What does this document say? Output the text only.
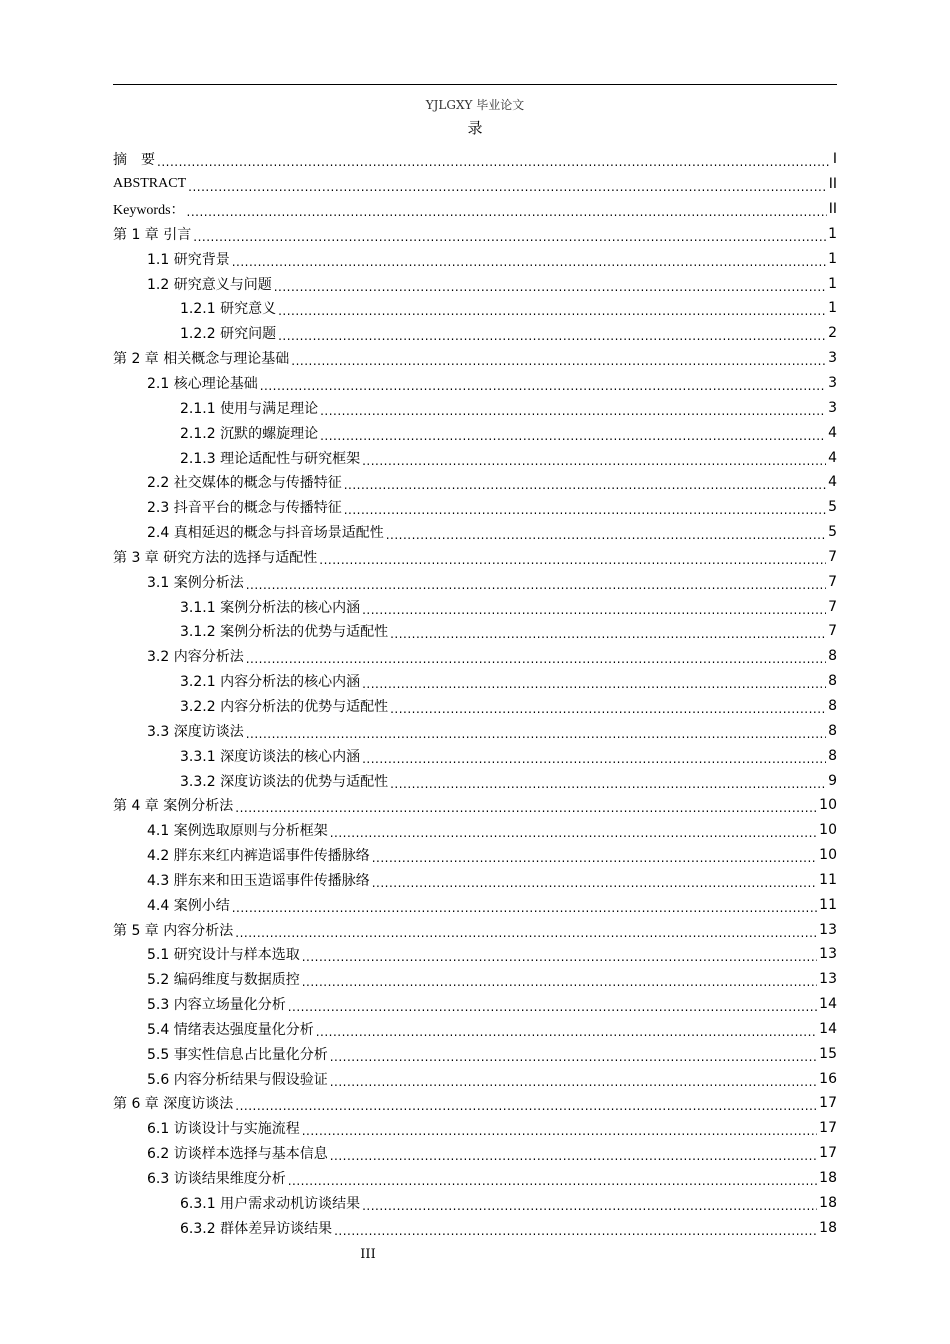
YJLGXY 毕业论文
录
摘　要 .....	I
ABSTRACT .....	II
Keywords： .....	II
第 1 章 引言 .....	1
1.1 研究背景 .....	1
1.2 研究意义与问题 .....	1
1.2.1 研究意义 .....	1
1.2.2 研究问题 .....	2
第 2 章 相关概念与理论基础 .....	3
2.1 核心理论基础 .....	3
2.1.1 使用与满足理论 .....	3
2.1.2 沉默的螺旋理论 .....	4
2.1.3 理论适配性与研究框架 .....	4
2.2 社交媒体的概念与传播特征 .....	4
2.3 抖音平台的概念与传播特征 .....	5
2.4 真相延迟的概念与抖音场景适配性 .....	5
第 3 章 研究方法的选择与适配性 .....	7
3.1 案例分析法 .....	7
3.1.1 案例分析法的核心内涵 .....	7
3.1.2 案例分析法的优势与适配性 .....	7
3.2 内容分析法 .....	8
3.2.1 内容分析法的核心内涵 .....	8
3.2.2 内容分析法的优势与适配性 .....	8
3.3 深度访谈法 .....	8
3.3.1 深度访谈法的核心内涵 .....	8
3.3.2 深度访谈法的优势与适配性 .....	9
第 4 章 案例分析法 .....	10
4.1 案例选取原则与分析框架 .....	10
4.2 胖东来红内裤造谣事件传播脉络 .....	10
4.3 胖东来和田玉造谣事件传播脉络 .....	11
4.4 案例小结 .....	11
第 5 章 内容分析法 .....	13
5.1 研究设计与样本选取 .....	13
5.2 编码维度与数据质控 .....	13
5.3 内容立场量化分析 .....	14
5.4 情绪表达强度量化分析 .....	14
5.5 事实性信息占比量化分析 .....	15
5.6 内容分析结果与假设验证 .....	16
第 6 章 深度访谈法 .....	17
6.1 访谈设计与实施流程 .....	17
6.2 访谈样本选择与基本信息 .....	17
6.3 访谈结果维度分析 .....	18
6.3.1 用户需求动机访谈结果 .....	18
6.3.2 群体差异访谈结果 .....	18
III
